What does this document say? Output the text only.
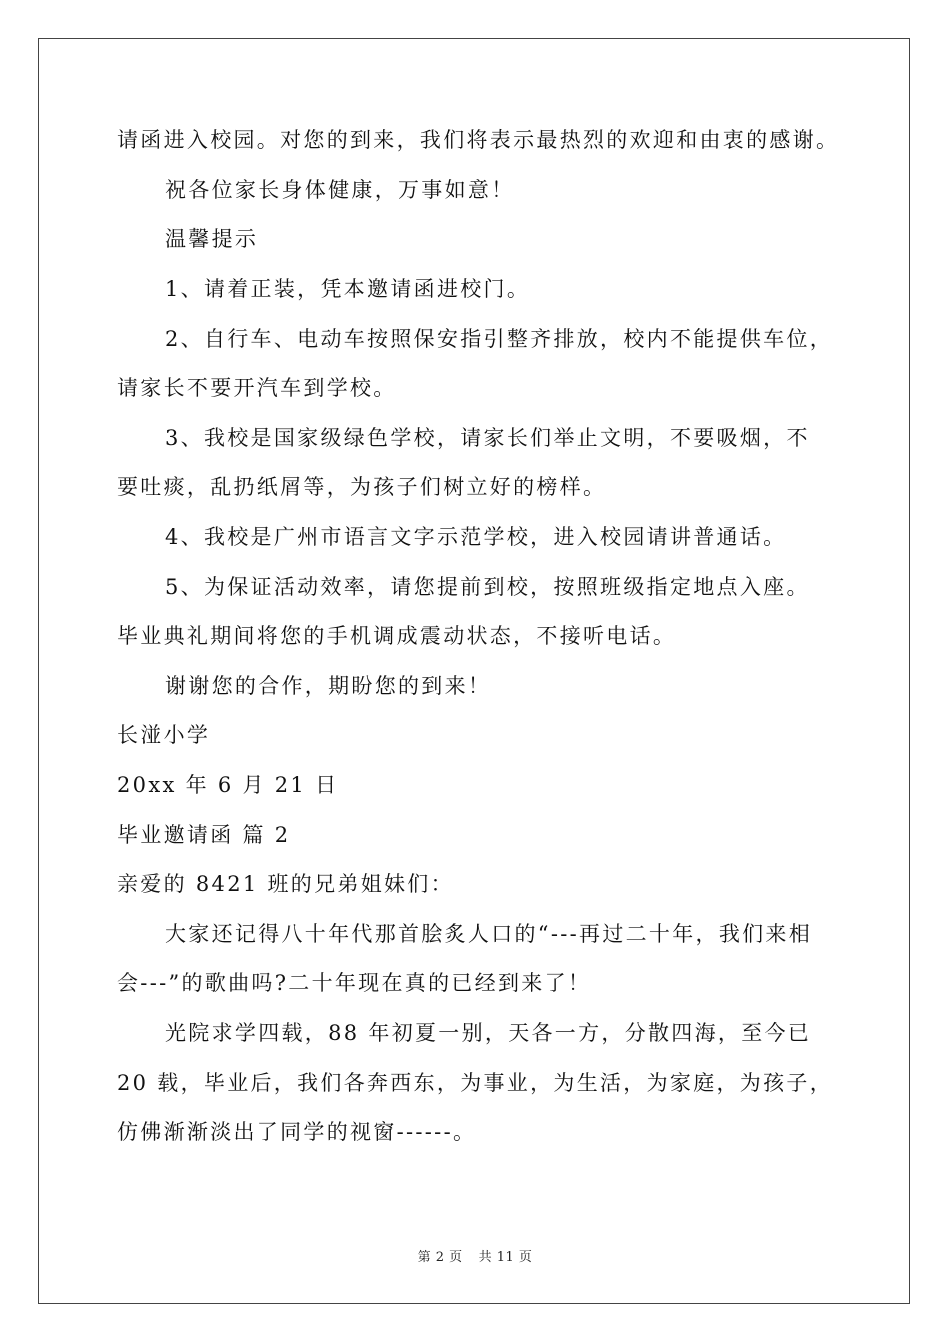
请函进入校园。对您的到来，我们将表示最热烈的欢迎和由衷的感谢。
祝各位家长身体健康，万事如意！
温馨提示
1、请着正装，凭本邀请函进校门。
2、自行车、电动车按照保安指引整齐排放，校内不能提供车位，
请家长不要开汽车到学校。
3、我校是国家级绿色学校，请家长们举止文明，不要吸烟，不
要吐痰，乱扔纸屑等，为孩子们树立好的榜样。
4、我校是广州市语言文字示范学校，进入校园请讲普通话。
5、为保证活动效率，请您提前到校，按照班级指定地点入座。
毕业典礼期间将您的手机调成震动状态，不接听电话。
谢谢您的合作，期盼您的到来！
长湴小学
20xx 年 6 月 21 日
毕业邀请函 篇 2
亲爱的 8421 班的兄弟姐妹们：
大家还记得八十年代那首脍炙人口的“---再过二十年，我们来相
会---”的歌曲吗?二十年现在真的已经到来了！
光院求学四载，88 年初夏一别，天各一方，分散四海，至今已
20 载，毕业后，我们各奔西东，为事业，为生活，为家庭，为孩子，
仿佛渐渐淡出了同学的视窗------。
第 2 页 共 11 页
